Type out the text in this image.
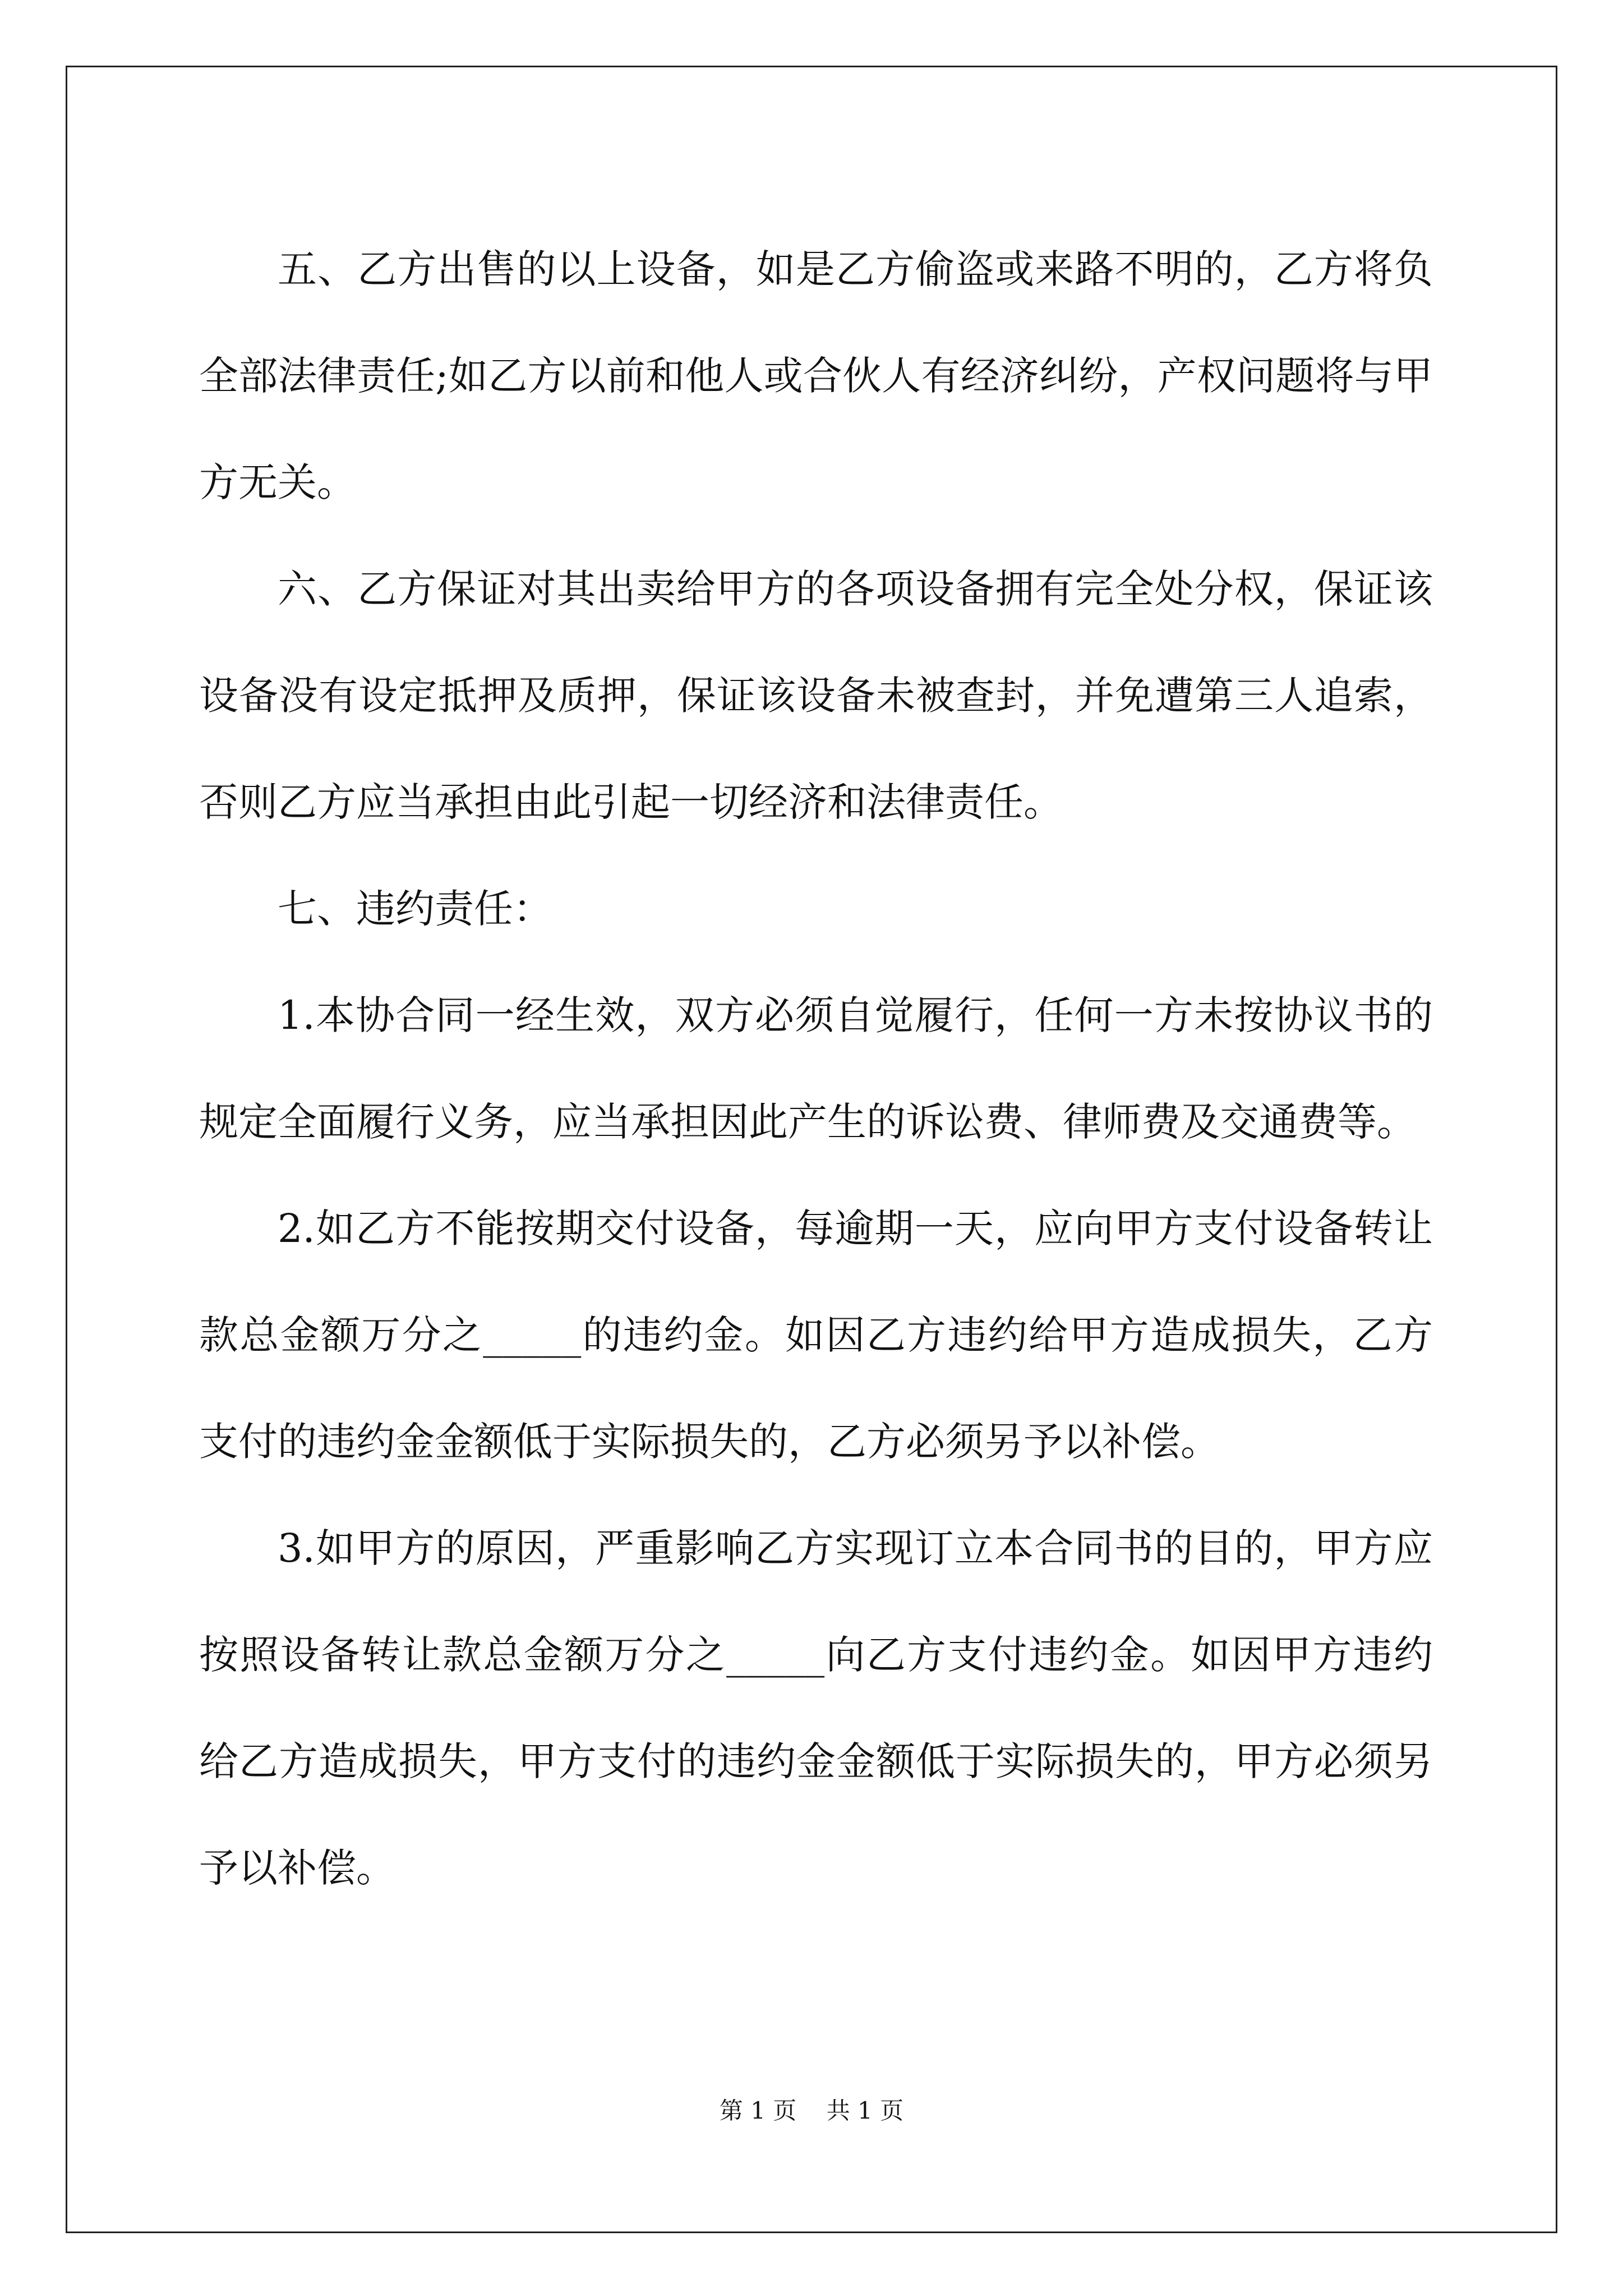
五、乙方出售的以上设备，如是乙方偷盗或来路不明的，乙方将负全部法律责任;如乙方以前和他人或合伙人有经济纠纷，产权问题将与甲方无关。

六、乙方保证对其出卖给甲方的各项设备拥有完全处分权，保证该设备没有设定抵押及质押，保证该设备未被查封，并免遭第三人追索，否则乙方应当承担由此引起一切经济和法律责任。

七、违约责任：

1.本协合同一经生效，双方必须自觉履行，任何一方未按协议书的规定全面履行义务，应当承担因此产生的诉讼费、律师费及交通费等。

2.如乙方不能按期交付设备，每逾期一天，应向甲方支付设备转让款总金额万分之_____的违约金。如因乙方违约给甲方造成损失，乙方支付的违约金金额低于实际损失的，乙方必须另予以补偿。

3.如甲方的原因，严重影响乙方实现订立本合同书的目的，甲方应按照设备转让款总金额万分之_____向乙方支付违约金。如因甲方违约给乙方造成损失，甲方支付的违约金金额低于实际损失的，甲方必须另予以补偿。

第 1 页 共 1 页
